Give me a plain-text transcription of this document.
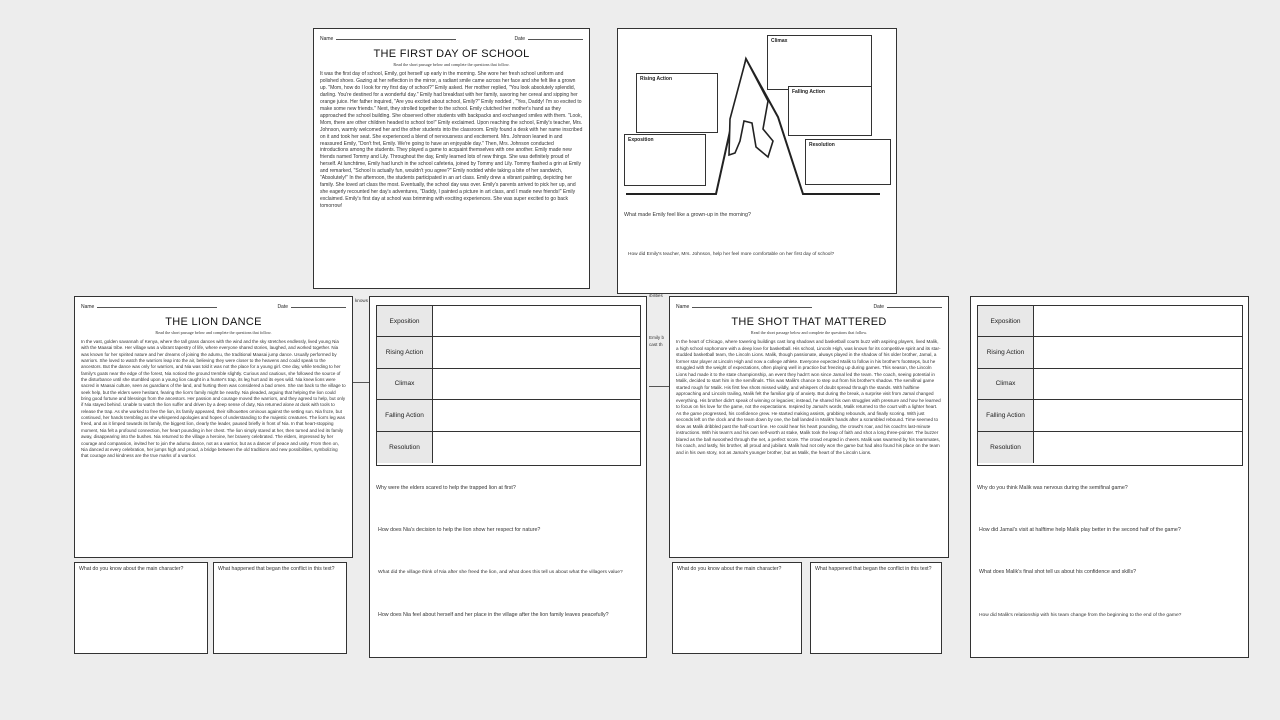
Name	Date
THE FIRST DAY OF SCHOOL
Read the short passage below and complete the questions that follow.
It was the first day of school, Emily, got herself up early in the morning. She wore her fresh school uniform and polished shoes. Gazing at her reflection in the mirror, a radiant smile came across her face and she felt like a grown up. "Mom, how do I look for my first day of school?" Emily asked. Her mother replied, "You look absolutely splendid, darling. You're destined for a wonderful day." Emily had breakfast with her family, savoring her cereal and sipping her orange juice. Her father inquired, "Are you excited about school, Emily?" Emily nodded , "Yes, Daddy! I'm so excited to make some new friends." Next, they strolled together to the school. Emily clutched her mother's hand as they approached the school building. She observed other students with backpacks and exchanged smiles with them. "Look, Mom, there are other children headed to school too!" Emily exclaimed. Upon reaching the school, Emily's teacher, Mrs. Johnson, warmly welcomed her and the other students into the classroom. Emily found a desk with her name inscribed on it and took her seat. She experienced a blend of nervousness and excitement. Mrs. Johnson leaned in and reassured Emily, "Don't fret, Emily. We're going to have an enjoyable day." Then, Mrs. Johnson conducted introductions among the students. They played a game to acquaint themselves with one another. Emily made new friends named Tommy and Lily. Throughout the day, Emily learned lots of new things. She was definitely proud of herself. At lunchtime, Emily had lunch in the school cafeteria, joined by Tommy and Lily. Tommy flashed a grin at Emily and remarked, "School is actually fun, wouldn't you agree?" Emily nodded while taking a bite of her sandwich, "Absolutely!" In the afternoon, the students participated in an art class. Emily drew a vibrant painting, depicting her family. She loved art class the most. Eventually, the school day was over. Emily's parents arrived to pick her up, and she eagerly recounted her day's adventures, "Daddy, I painted a picture in art class, and I made new friends!" Emily exclaimed. Emily's first day at school was brimming with exciting experiences. She was super excited to go back tomorrow!
Climax
Rising Action
Falling Action
Exposition
Resolution
What made Emily feel like a grown-up in the morning?
How did Emily's teacher, Mrs. Johnson, help her feel more comfortable on her first day of school?
Name	Date
THE LION DANCE
Read the short passage below and complete the questions that follow.
In the vast, golden savannah of Kenya, where the tall grass dances with the wind and the sky stretches endlessly, lived young Nia with the Maasai tribe. Her village was a vibrant tapestry of life, where everyone shared stories, laughed, and worked together. Nia was known for her spirited nature and her dreams of joining the adumu, the traditional Maasai jump dance. Usually performed by warriors. She loved to watch the warriors leap into the air, believing they were closer to the heavens and could speak to the ancestors. But the dance was only for warriors, and Nia was told it was not the place for a young girl. One day, while tending to her family's goats near the edge of the forest, Nia noticed the ground tremble slightly. Curious and cautious, she followed the source of the disturbance until she stumbled upon a young lion caught in a hunter's trap, its leg hurt and its eyes wild. Nia knew lions were sacred in Maasai culture, seen as guardians of the land, and hurting them was considered a bad omen. She ran back to the village to seek help, but the elders were hesitant, fearing the lion's family might be nearby. Nia pleaded, arguing that helping the lion could bring good fortune and blessings from the ancestors. Her passion and courage moved the warriors, and they agreed to help, but only if Nia stayed behind. Unable to watch the lion suffer and driven by a deep sense of duty, Nia returned alone at dusk with tools to release the trap. As she worked to free the lion, its family appeared, their silhouettes ominous against the setting sun. Nia froze, but continued, her hands trembling as she whispered apologies and hopes of understanding to the majestic creatures. The lion's leg was freed, and as it limped towards its family, the biggest lion, clearly the leader, paused briefly in front of Nia. In that heart-stopping moment, Nia felt a profound connection, her heart pounding in her chest. The lion simply stared at her, then turned and led its family away, disappearing into the bushes. Nia returned to the village a heroine, her bravery celebrated. The elders, impressed by her courage and compassion, invited her to join the adumu dance, not as a warrior, but as a dancer of peace and unity. From then on, Nia danced at every celebration, her jumps high and proud, a bridge between the old traditions and new possibilities, symbolizing that courage and kindness are the true marks of a warrior.
What do you know about the main character?	What happened that began the conflict in this text?
Exposition
Rising Action
Climax
Falling Action
Resolution
Why were the elders scared to help the trapped lion at first?
How does Nia's decision to help the lion show her respect for nature?
What did the village think of Nia after she freed the lion, and what does this tell us about what the villagers value?
How does Nia feel about herself and her place in the village after the lion family leaves peacefully?
Name	Date
THE SHOT THAT MATTERED
Read the short passage below and complete the questions that follow.
In the heart of Chicago, where towering buildings cast long shadows and basketball courts buzz with aspiring players, lived Malik, a high school sophomore with a deep love for basketball. His school, Lincoln High, was known for its competitive spirit and its star-studded basketball team, the Lincoln Lions. Malik, though passionate, always played in the shadow of his older brother, Jamal, a former star player at Lincoln High and now a college athlete. Everyone expected Malik to follow in his brother's footsteps, but he struggled with the weight of expectations, often playing well in practice but freezing up during games. This season, the Lincoln Lions had made it to the state championship, an event they hadn't won since Jamal led the team. The coach, seeing potential in Malik, decided to start him in the semifinals. This was Malik's chance to step out from his brother's shadow. The semifinal game started rough for Malik. His first few shots missed wildly, and whispers of doubt spread through the stands. With halftime approaching and Lincoln trailing, Malik felt the familiar grip of anxiety. But during the break, a surprise visit from Jamal changed everything. His brother didn't speak of winning or legacies; instead, he shared his own struggles with pressure and how he learned to focus on his love for the game, not the expectations. Inspired by Jamal's words, Malik returned to the court with a lighter heart. As the game progressed, his confidence grew. He started making assists, grabbing rebounds, and finally scoring. With just seconds left on the clock and the team down by one, the ball landed in Malik's hands after a scrambled rebound. Time seemed to slow as Malik dribbled past the half-court line. He could hear his heart pounding, the crowd's roar, and his coach's last-minute instructions. With his team's and his own self-worth at stake, Malik took the leap of faith and shot a long three-pointer. The buzzer blared as the ball swooshed through the net, a perfect score. The crowd erupted in cheers. Malik was swarmed by his teammates, his coach, and lastly, his brother, all proud and jubilant. Malik had not only won the game but had also found his place on the team and in his own story, not as Jamal's younger brother, but as Malik, the heart of the Lincoln Lions.
What do you know about the main character?	What happened that began the conflict in this text?
Exposition
Rising Action
Climax
Falling Action
Resolution
Why do you think Malik was nervous during the semifinal game?
How did Jamal's visit at halftime help Malik play better in the second half of the game?
What does Malik's final shot tell us about his confidence and skills?
How did Malik's relationship with his team change from the beginning to the end of the game?
knows
ibilities
Emily b
cast th
